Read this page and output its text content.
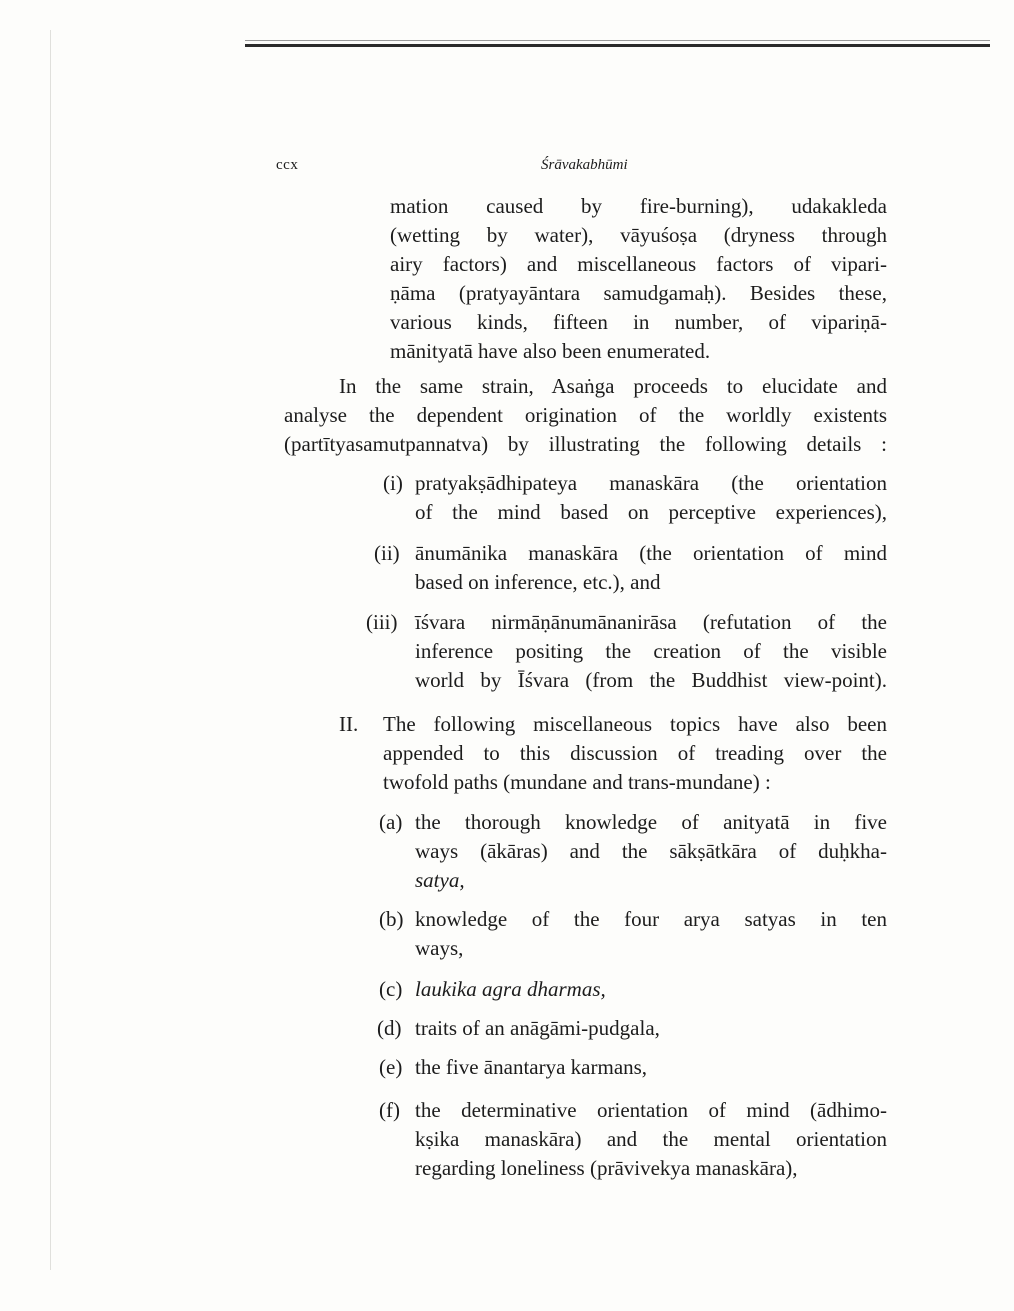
ccx	Śrāvakabhūmi
mation caused by fire-burning), udakakleda
(wetting by water), vāyuśoṣa (dryness through
airy factors) and miscellaneous factors of vipari-
ṇāma (pratyayāntara samudgamaḥ). Besides these,
various kinds, fifteen in number, of vipariṇā-
mānityatā have also been enumerated.
In the same strain, Asaṅga proceeds to elucidate and
analyse the dependent origination of the worldly existents
(partītyasamutpannatva) by illustrating the following details :
(i) pratyakṣādhipateya manaskāra (the orientation
of the mind based on perceptive experiences),
(ii) ānumānika manaskāra (the orientation of mind
based on inference, etc.), and
(iii) īśvara nirmāṇānumānanirāsa (refutation of the
inference positing the creation of the visible
world by Īśvara (from the Buddhist view-point).
II. The following miscellaneous topics have also been
appended to this discussion of treading over the
twofold paths (mundane and trans-mundane) :
(a) the thorough knowledge of anityatā in five
ways (ākāras) and the sākṣātkāra of duḥkha-
satya,
(b) knowledge of the four arya satyas in ten
ways,
(c) laukika agra dharmas,
(d) traits of an anāgāmi-pudgala,
(e) the five ānantarya karmans,
(f) the determinative orientation of mind (ādhimo-
kṣika manaskāra) and the mental orientation
regarding loneliness (prāvivekya manaskāra),
